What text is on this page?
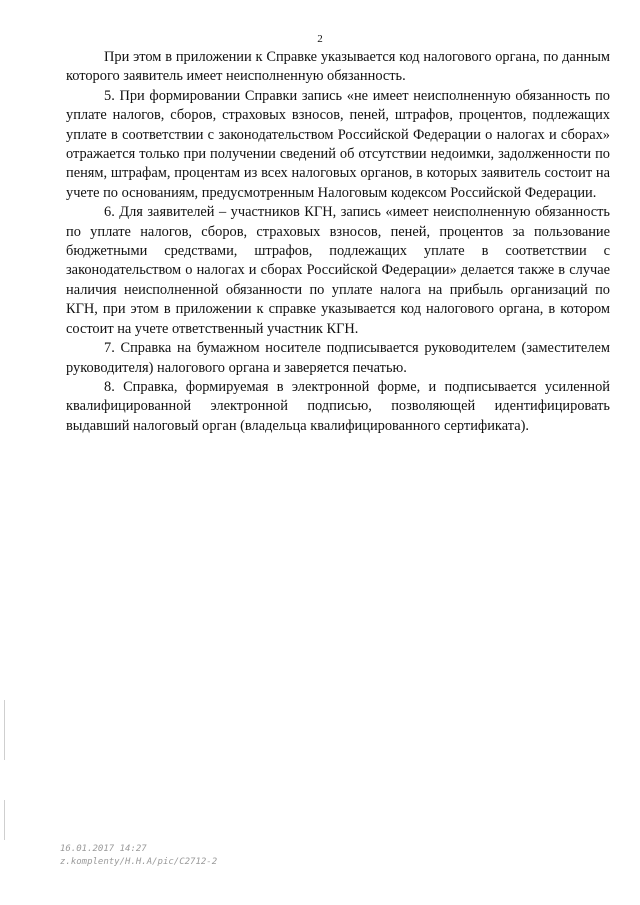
2

При этом в приложении к Справке указывается код налогового органа, по данным которого заявитель имеет неисполненную обязанность.

5. При формировании Справки запись «не имеет неисполненную обязанность по уплате налогов, сборов, страховых взносов, пеней, штрафов, процентов, подлежащих уплате в соответствии с законодательством Российской Федерации о налогах и сборах» отражается только при получении сведений об отсутствии недоимки, задолженности по пеням, штрафам, процентам из всех налоговых органов, в которых заявитель состоит на учете по основаниям, предусмотренным Налоговым кодексом Российской Федерации.

6. Для заявителей – участников КГН, запись «имеет неисполненную обязанность по уплате налогов, сборов, страховых взносов, пеней, процентов за пользование бюджетными средствами, штрафов, подлежащих уплате в соответствии с законодательством о налогах и сборах Российской Федерации» делается также в случае наличия неисполненной обязанности по уплате налога на прибыль организаций по КГН, при этом в приложении к справке указывается код налогового органа, в котором состоит на учете ответственный участник КГН.

7. Справка на бумажном носителе подписывается руководителем (заместителем руководителя) налогового органа и заверяется печатью.

8. Справка, формируемая в электронной форме, и подписывается усиленной квалифицированной электронной подписью, позволяющей идентифицировать выдавший налоговый орган (владельца квалифицированного сертификата).

16.01.2017 14:27
z.komplenty/H.H.A/pic/C2712-2
